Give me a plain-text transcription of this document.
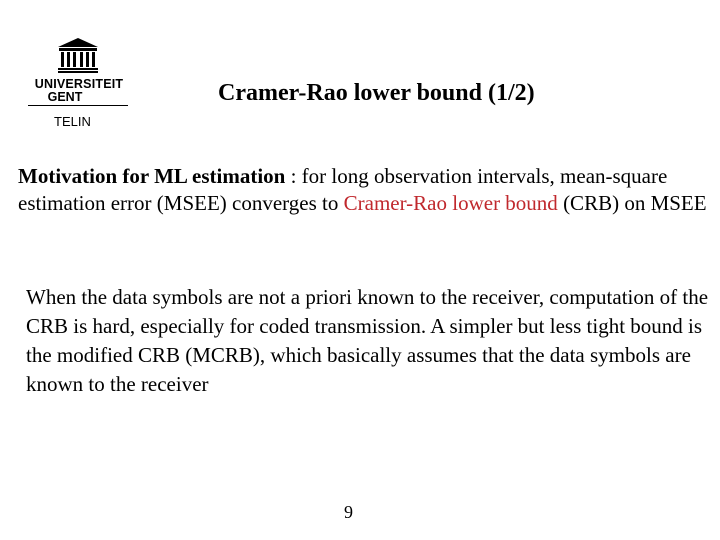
UNIVERSITEIT
GENT
TELIN
Cramer-Rao lower bound (1/2)
Motivation for ML estimation : for long observation intervals, mean-square estimation error (MSEE) converges to Cramer-Rao lower bound (CRB) on MSEE
When the data symbols are not a priori known to the receiver, computation of the CRB is hard, especially for coded transmission. A simpler but less tight bound is the modified CRB (MCRB), which basically assumes that the data symbols are known to the receiver
9
